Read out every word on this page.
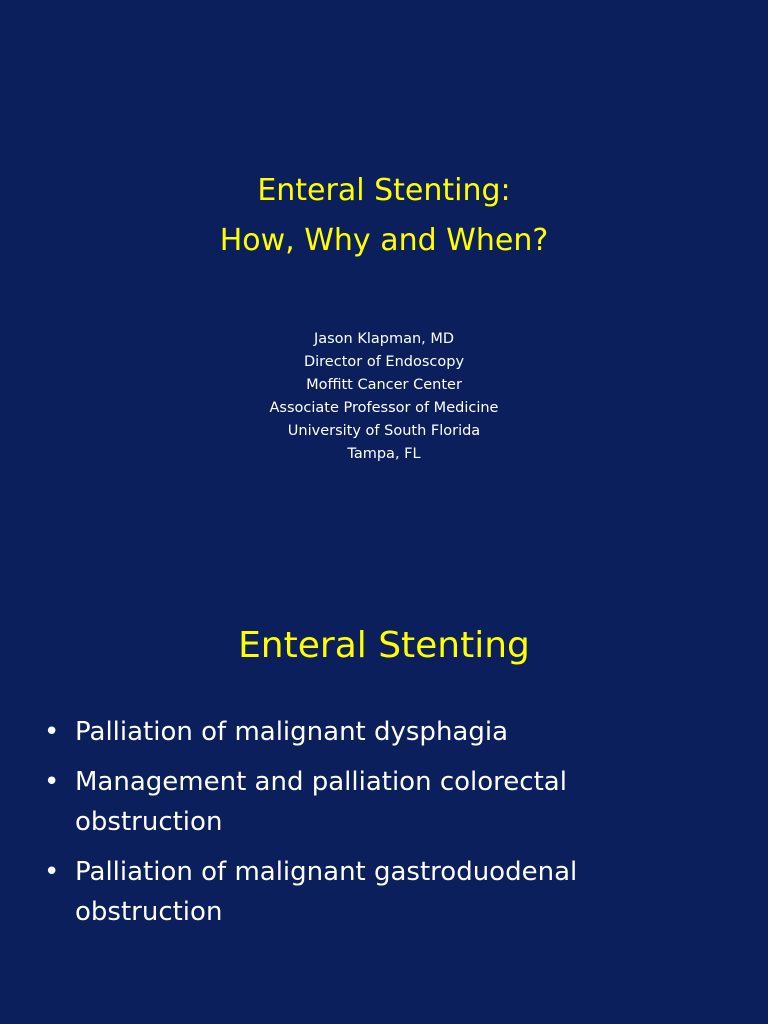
Enteral Stenting:
How, Why and When?
Jason Klapman, MD
Director of Endoscopy
Moffitt Cancer Center
Associate Professor of Medicine
University of South Florida
Tampa, FL
Enteral Stenting
• Palliation of malignant dysphagia
• Management and palliation colorectal obstruction
• Palliation of malignant gastroduodenal obstruction
